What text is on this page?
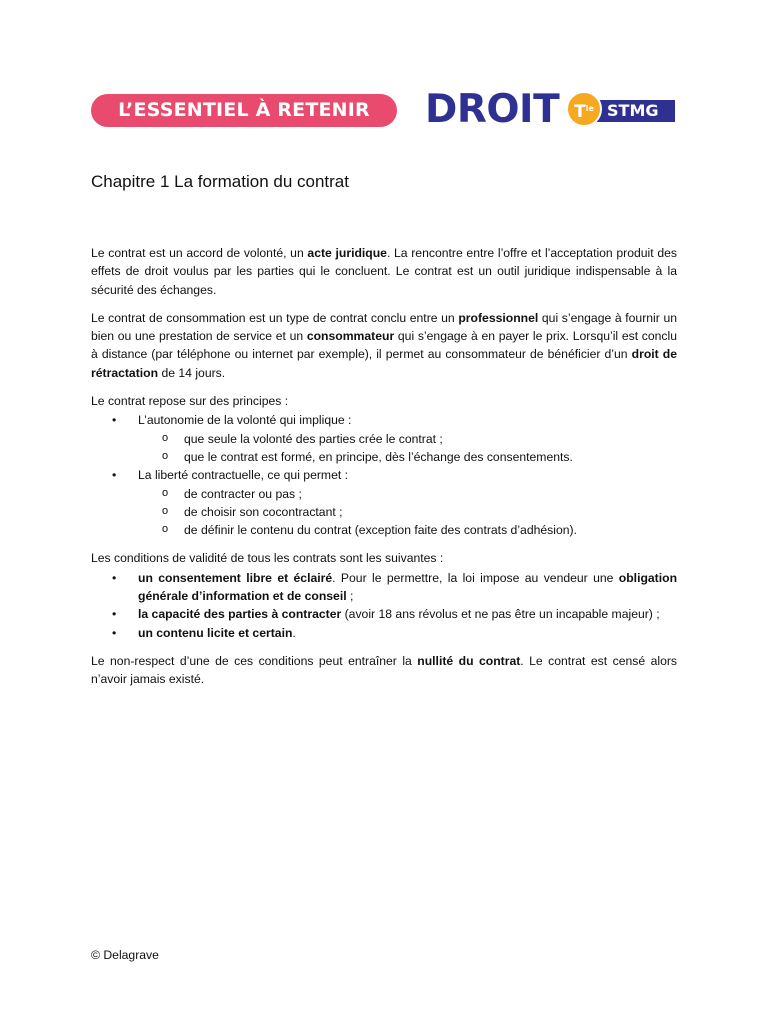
L’ESSENTIEL À RETENIR	DROIT $T^{le}$ STMG
Chapitre 1 La formation du contrat

Le contrat est un accord de volonté, un acte juridique. La rencontre entre l’offre et l’acceptation produit des effets de droit voulus par les parties qui le concluent. Le contrat est un outil juridique indispensable à la sécurité des échanges.

Le contrat de consommation est un type de contrat conclu entre un professionnel qui s’engage à fournir un bien ou une prestation de service et un consommateur qui s’engage à en payer le prix. Lorsqu’il est conclu à distance (par téléphone ou internet par exemple), il permet au consommateur de bénéficier d’un droit de rétractation de 14 jours.

Le contrat repose sur des principes :

• L’autonomie de la volonté qui implique :
o que seule la volonté des parties crée le contrat ;
o que le contrat est formé, en principe, dès l’échange des consentements.
• La liberté contractuelle, ce qui permet :
o de contracter ou pas ;
o de choisir son cocontractant ;
o de définir le contenu du contrat (exception faite des contrats d’adhésion).

Les conditions de validité de tous les contrats sont les suivantes :

• un consentement libre et éclairé. Pour le permettre, la loi impose au vendeur une obligation générale d’information et de conseil ;
• la capacité des parties à contracter (avoir 18 ans révolus et ne pas être un incapable majeur) ;
• un contenu licite et certain.

Le non-respect d’une de ces conditions peut entraîner la nullité du contrat. Le contrat est censé alors n’avoir jamais existé.

© Delagrave
